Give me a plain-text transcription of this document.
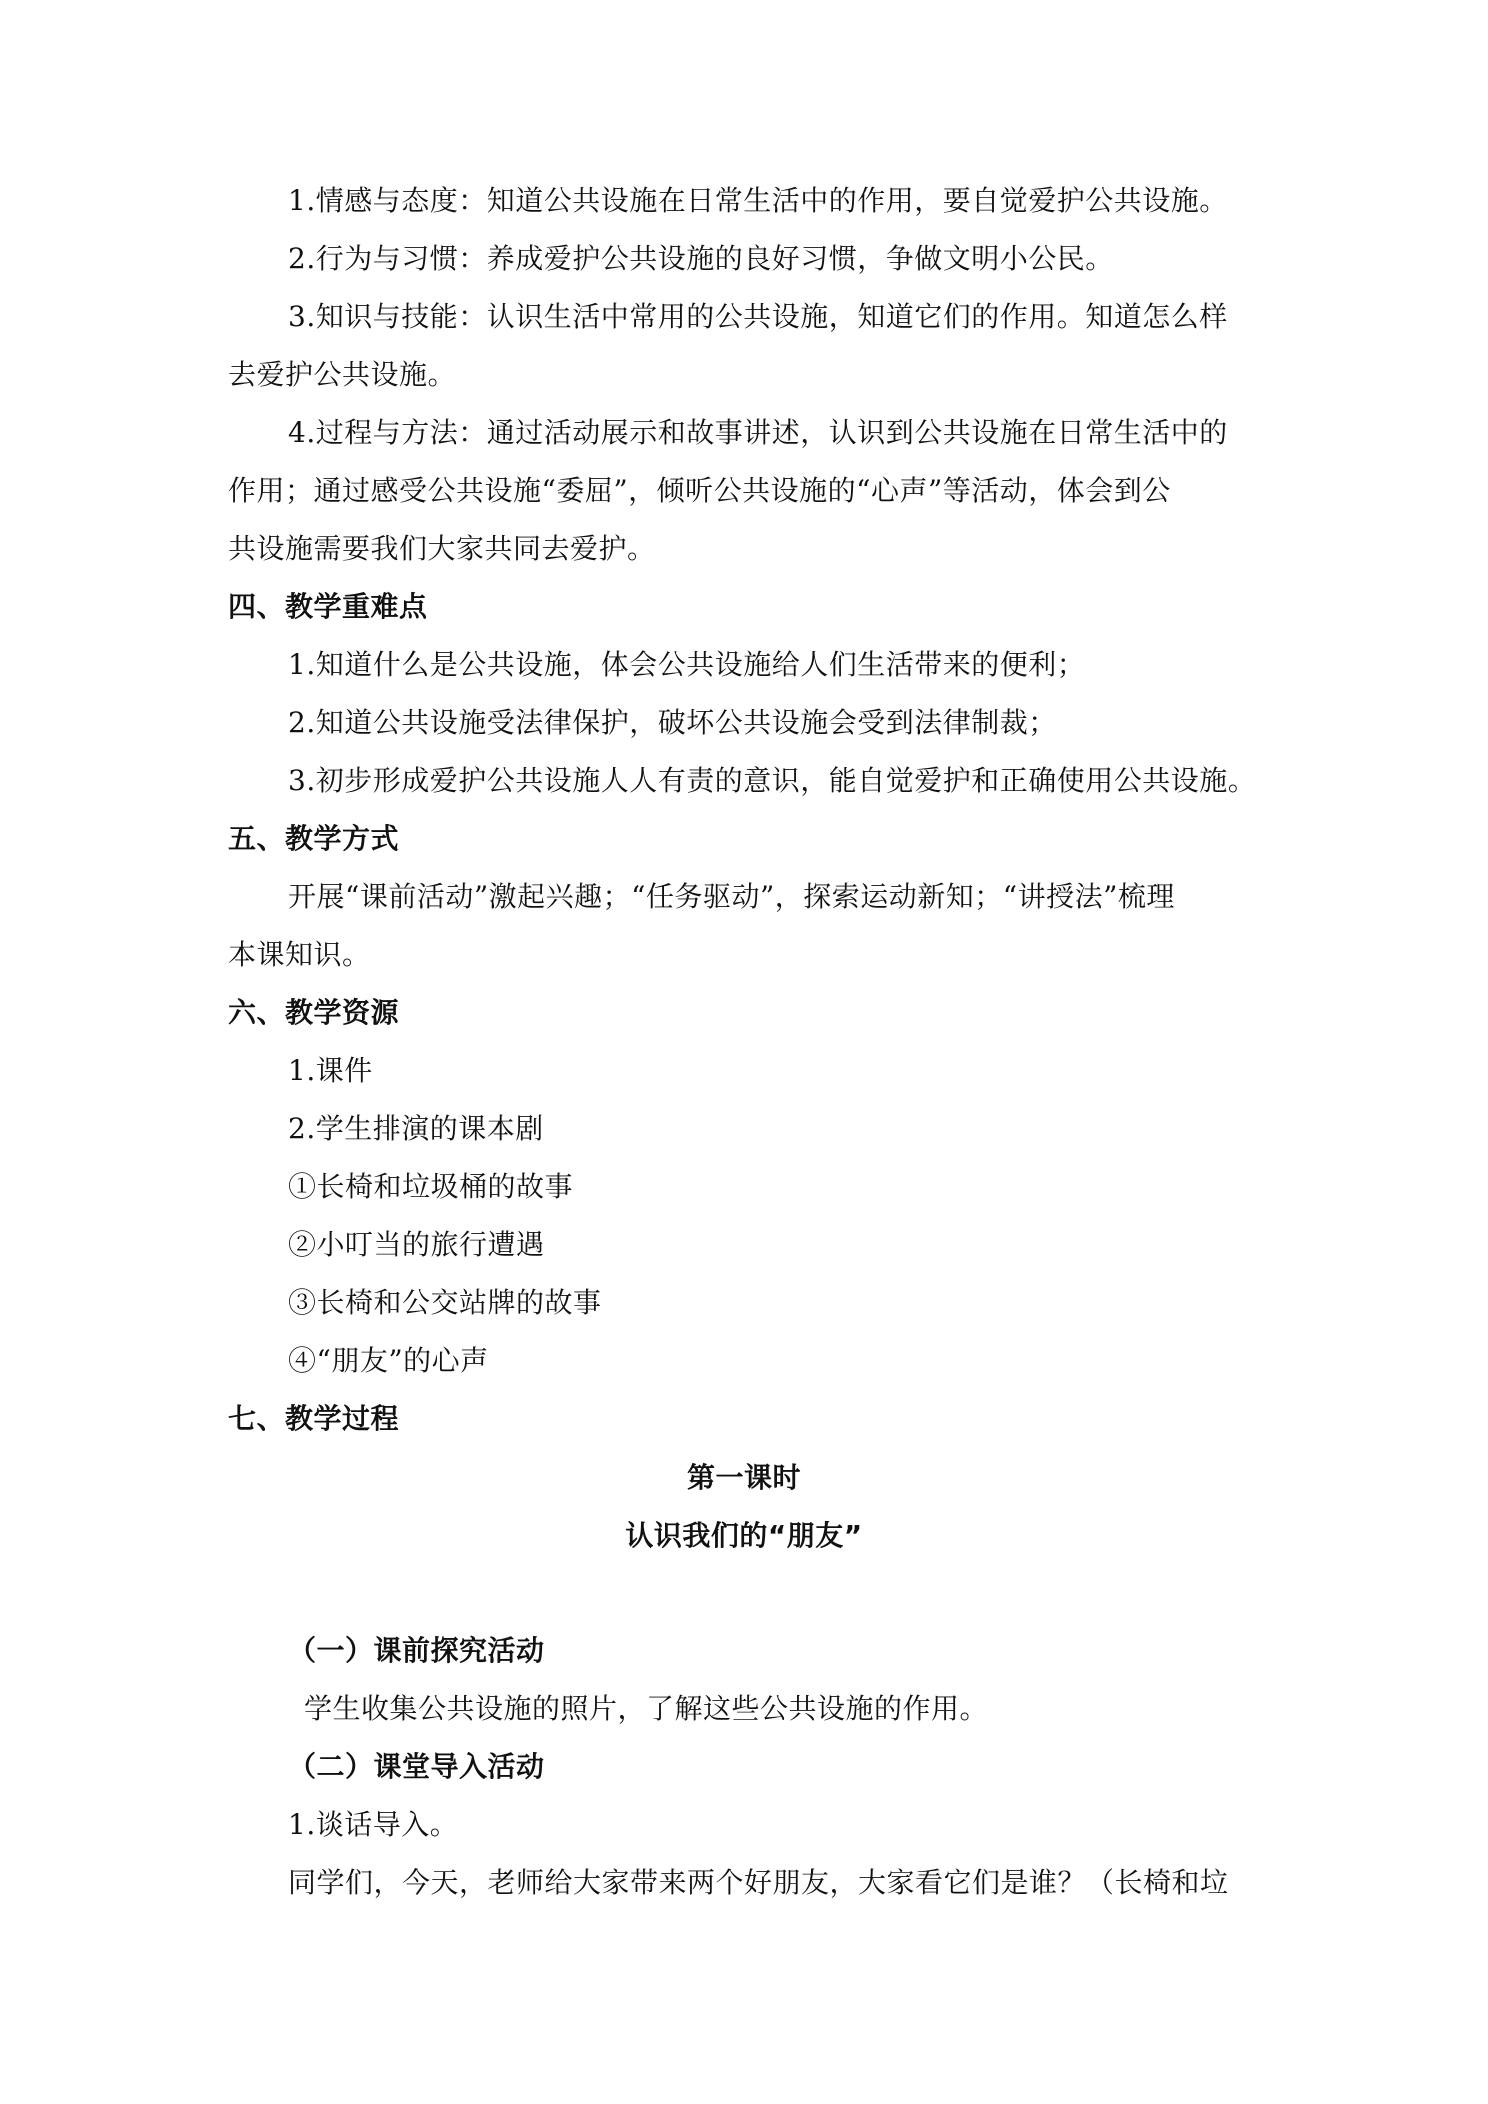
1.情感与态度：知道公共设施在日常生活中的作用，要自觉爱护公共设施。
2.行为与习惯：养成爱护公共设施的良好习惯，争做文明小公民。
3.知识与技能：认识生活中常用的公共设施，知道它们的作用。知道怎么样
去爱护公共设施。
4.过程与方法：通过活动展示和故事讲述，认识到公共设施在日常生活中的
作用；通过感受公共设施“委屈”，倾听公共设施的“心声”等活动，体会到公
共设施需要我们大家共同去爱护。
四、教学重难点
1.知道什么是公共设施，体会公共设施给人们生活带来的便利；
2.知道公共设施受法律保护，破坏公共设施会受到法律制裁；
3.初步形成爱护公共设施人人有责的意识，能自觉爱护和正确使用公共设施。
五、教学方式
开展“课前活动”激起兴趣；“任务驱动”，探索运动新知；“讲授法”梳理
本课知识。
六、教学资源
1.课件
2.学生排演的课本剧
①长椅和垃圾桶的故事
②小叮当的旅行遭遇
③长椅和公交站牌的故事
④“朋友”的心声
七、教学过程
第一课时
认识我们的“朋友”
（一）课前探究活动
学生收集公共设施的照片，了解这些公共设施的作用。
（二）课堂导入活动
1.谈话导入。
同学们，今天，老师给大家带来两个好朋友，大家看它们是谁？（长椅和垃
